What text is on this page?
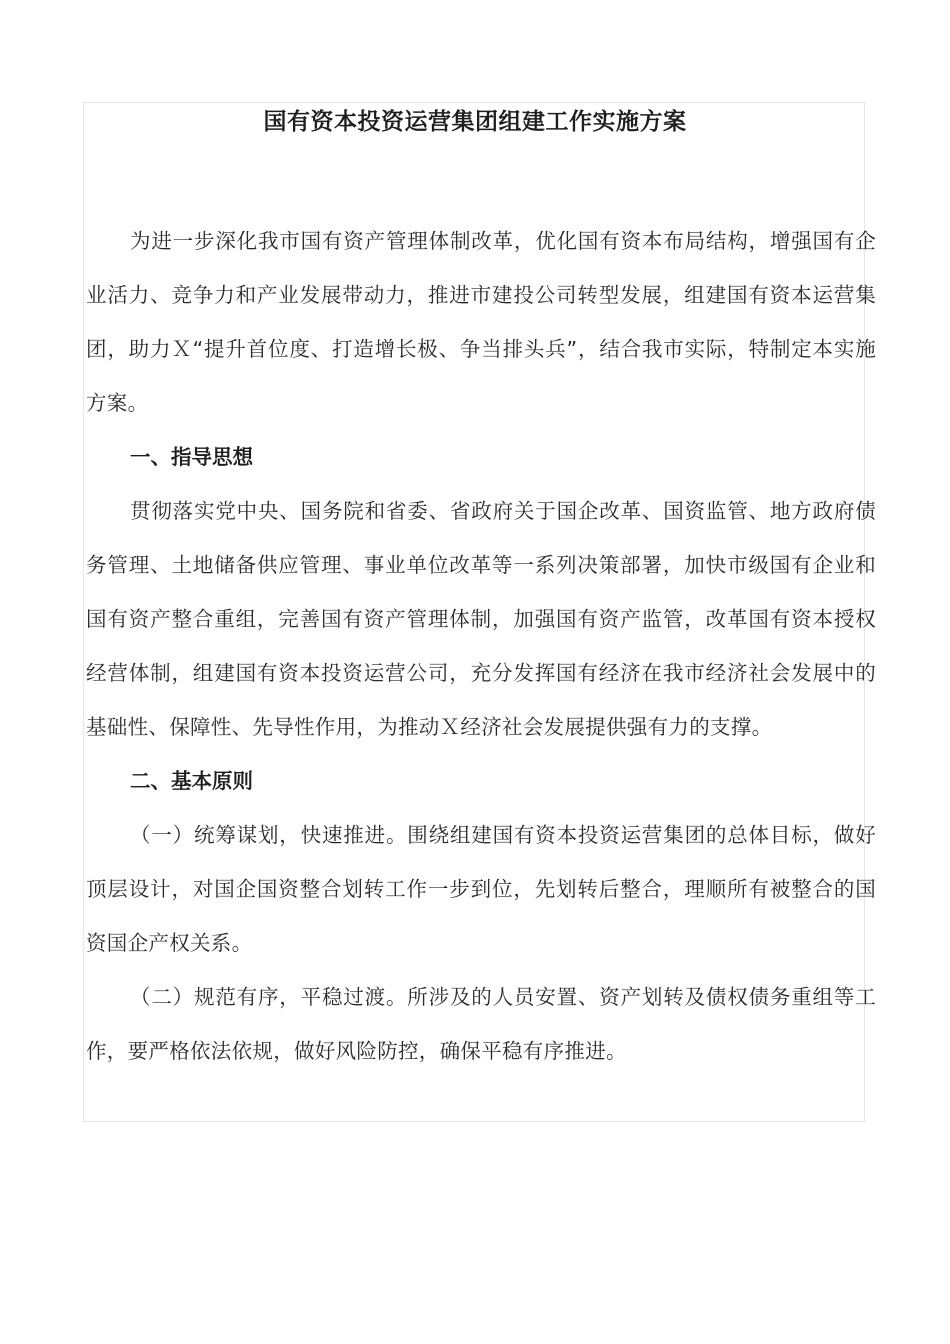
国有资本投资运营集团组建工作实施方案

为进一步深化我市国有资产管理体制改革，优化国有资本布局结构，增强国有企业活力、竞争力和产业发展带动力，推进市建投公司转型发展，组建国有资本运营集团，助力Ｘ“提升首位度、打造增长极、争当排头兵”，结合我市实际，特制定本实施方案。

一、指导思想

贯彻落实党中央、国务院和省委、省政府关于国企改革、国资监管、地方政府债务管理、土地储备供应管理、事业单位改革等一系列决策部署，加快市级国有企业和国有资产整合重组，完善国有资产管理体制，加强国有资产监管，改革国有资本授权经营体制，组建国有资本投资运营公司，充分发挥国有经济在我市经济社会发展中的基础性、保障性、先导性作用，为推动Ｘ经济社会发展提供强有力的支撑。

二、基本原则

（一）统筹谋划，快速推进。围绕组建国有资本投资运营集团的总体目标，做好顶层设计，对国企国资整合划转工作一步到位，先划转后整合，理顺所有被整合的国资国企产权关系。

（二）规范有序，平稳过渡。所涉及的人员安置、资产划转及债权债务重组等工作，要严格依法依规，做好风险防控，确保平稳有序推进。
